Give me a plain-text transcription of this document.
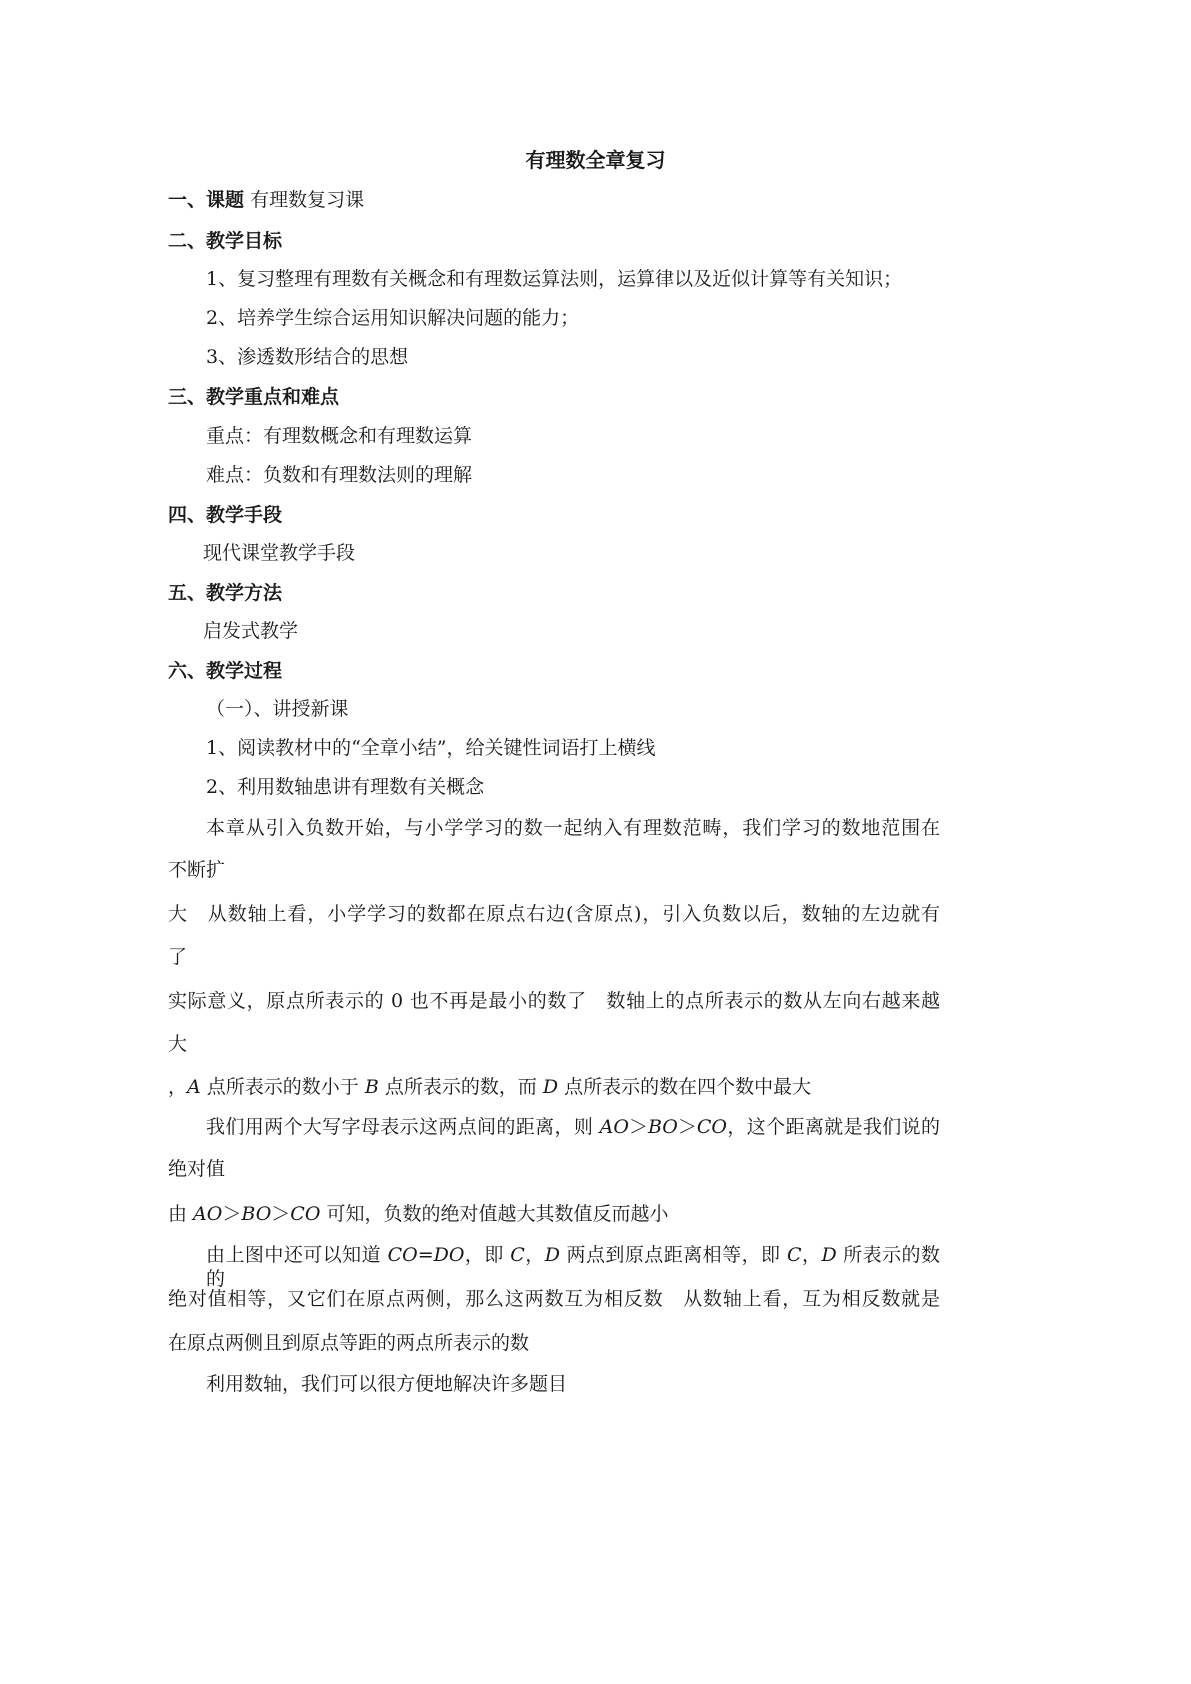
有理数全章复习
一、课题 有理数复习课
二、教学目标
1、复习整理有理数有关概念和有理数运算法则，运算律以及近似计算等有关知识；
2、培养学生综合运用知识解决问题的能力；
3、渗透数形结合的思想
三、教学重点和难点
重点：有理数概念和有理数运算
难点：负数和有理数法则的理解
四、教学手段
现代课堂教学手段
五、教学方法
启发式教学
六、教学过程
（一）、讲授新课
1、阅读教材中的“全章小结”，给关键性词语打上横线
2、利用数轴患讲有理数有关概念
本章从引入负数开始，与小学学习的数一起纳入有理数范畴，我们学习的数地范围在
不断扩
大　从数轴上看，小学学习的数都在原点右边(含原点)，引入负数以后，数轴的左边就有
了
实际意义，原点所表示的 0 也不再是最小的数了　数轴上的点所表示的数从左向右越来越
大
，A 点所表示的数小于 B 点所表示的数，而 D 点所表示的数在四个数中最大
我们用两个大写字母表示这两点间的距离，则 AO＞BO＞CO，这个距离就是我们说的
绝对值
由 AO＞BO＞CO 可知，负数的绝对值越大其数值反而越小
由上图中还可以知道 CO=DO，即 C，D 两点到原点距离相等，即 C，D 所表示的数的
绝对值相等，又它们在原点两侧，那么这两数互为相反数　从数轴上看，互为相反数就是
在原点两侧且到原点等距的两点所表示的数
利用数轴，我们可以很方便地解决许多题目
